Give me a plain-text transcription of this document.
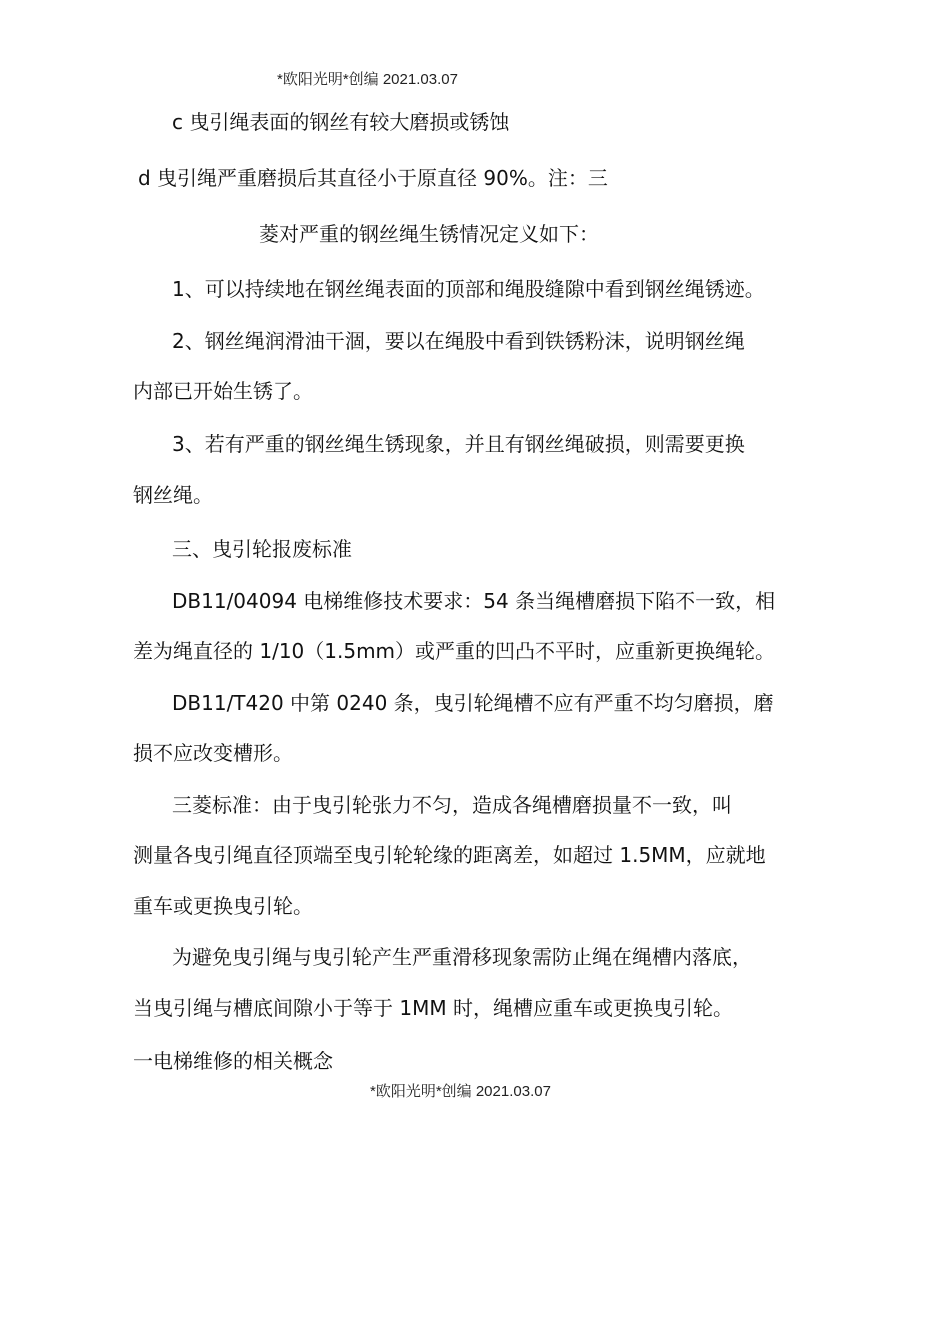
*欧阳光明*创编 2021.03.07
c 曳引绳表面的钢丝有较大磨损或锈蚀
d 曳引绳严重磨损后其直径小于原直径 90%。注：三
菱对严重的钢丝绳生锈情况定义如下：
1、可以持续地在钢丝绳表面的顶部和绳股缝隙中看到钢丝绳锈迹。
2、钢丝绳润滑油干涸，要以在绳股中看到铁锈粉沫，说明钢丝绳
内部已开始生锈了。
3、若有严重的钢丝绳生锈现象，并且有钢丝绳破损，则需要更换
钢丝绳。
三、曳引轮报废标准
DB11/04094 电梯维修技术要求：54 条当绳槽磨损下陷不一致，相
差为绳直径的 1/10（1.5mm）或严重的凹凸不平时，应重新更换绳轮。
DB11/T420 中第 0240 条，曳引轮绳槽不应有严重不均匀磨损，磨
损不应改变槽形。
三菱标准：由于曳引轮张力不匀，造成各绳槽磨损量不一致，叫
测量各曳引绳直径顶端至曳引轮轮缘的距离差，如超过 1.5MM，应就地
重车或更换曳引轮。
为避免曳引绳与曳引轮产生严重滑移现象需防止绳在绳槽内落底，
当曳引绳与槽底间隙小于等于 1MM 时，绳槽应重车或更换曳引轮。
一电梯维修的相关概念
*欧阳光明*创编 2021.03.07
